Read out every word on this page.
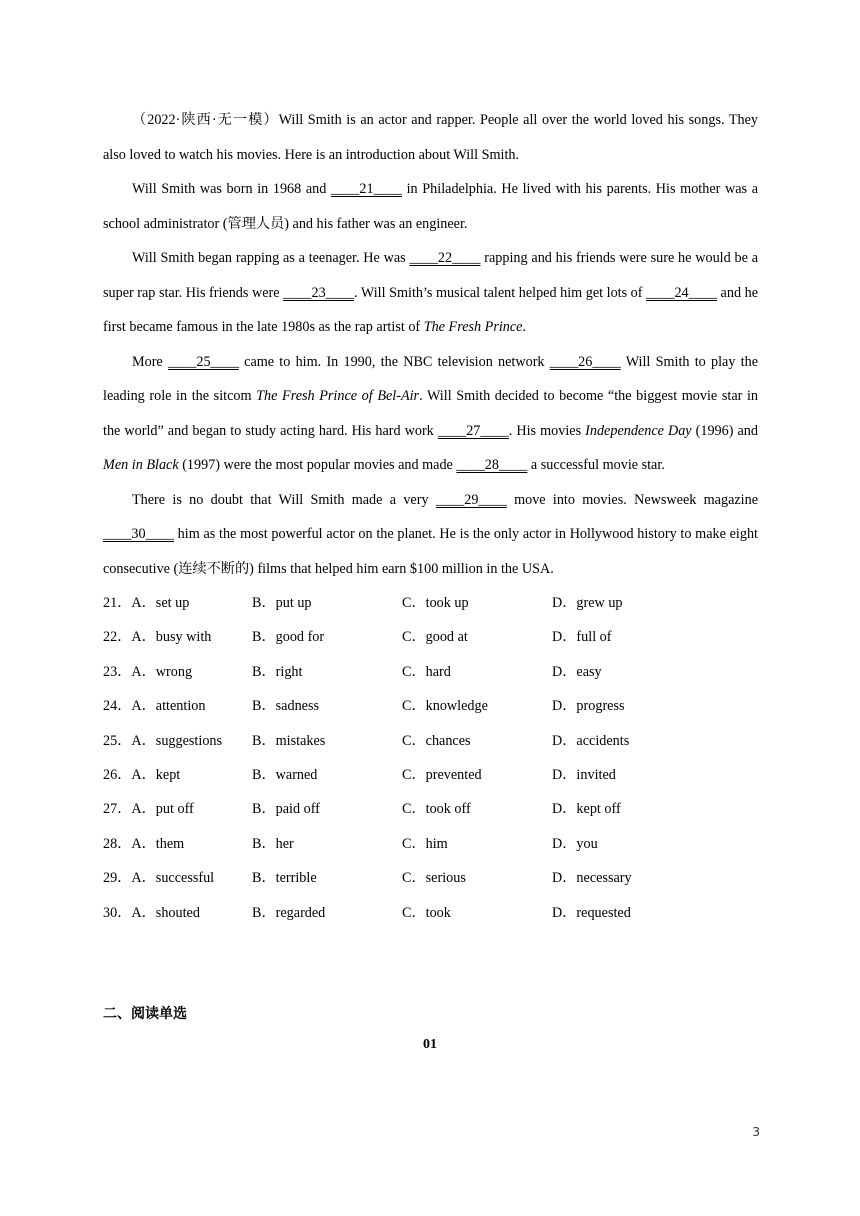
（2022·陕西·无一模）Will Smith is an actor and rapper. People all over the world loved his songs. They also loved to watch his movies. Here is an introduction about Will Smith.

Will Smith was born in 1968 and ____21____ in Philadelphia. He lived with his parents. His mother was a school administrator (管理人员) and his father was an engineer.

Will Smith began rapping as a teenager. He was ____22____ rapping and his friends were sure he would be a super rap star. His friends were ____23____. Will Smith’s musical talent helped him get lots of ____24____ and he first became famous in the late 1980s as the rap artist of The Fresh Prince.

More ____25____ came to him. In 1990, the NBC television network ____26____ Will Smith to play the leading role in the sitcom The Fresh Prince of Bel-Air. Will Smith decided to become “the biggest movie star in the world” and began to study acting hard. His hard work ____27____. His movies Independence Day (1996) and Men in Black (1997) were the most popular movies and made ____28____ a successful movie star.

There is no doubt that Will Smith made a very ____29____ move into movies. Newsweek magazine ____30____ him as the most powerful actor on the planet. He is the only actor in Hollywood history to make eight consecutive (连续不断的) films that helped him earn $100 million in the USA.

21．A．set up	B．put up	C．took up	D．grew up
22．A．busy with	B．good for	C．good at	D．full of
23．A．wrong	B．right	C．hard	D．easy
24．A．attention	B．sadness	C．knowledge	D．progress
25．A．suggestions B．mistakes	C．chances	D．accidents
26．A．kept	B．warned	C．prevented	D．invited
27．A．put off	B．paid off	C．took off	D．kept off
28．A．them	B．her	C．him	D．you
29．A．successful	B．terrible	C．serious	D．necessary
30．A．shouted	B．regarded	C．took	D．requested
二、阅读单选
01
3
